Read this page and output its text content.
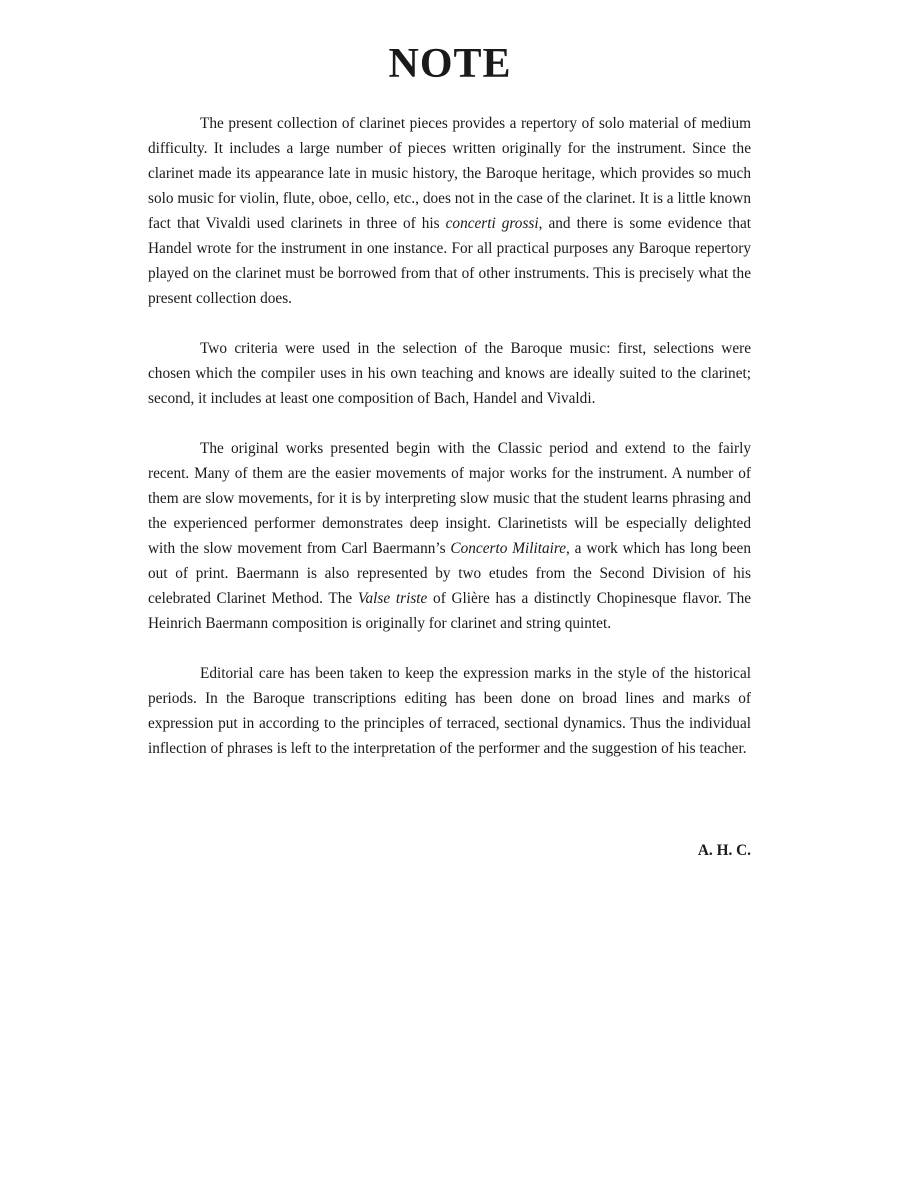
NOTE

The present collection of clarinet pieces provides a repertory of solo material of medium difficulty. It includes a large number of pieces written originally for the instrument. Since the clarinet made its appearance late in music history, the Baroque heritage, which provides so much solo music for violin, flute, oboe, cello, etc., does not in the case of the clarinet. It is a little known fact that Vivaldi used clarinets in three of his concerti grossi, and there is some evidence that Handel wrote for the instrument in one instance. For all practical purposes any Baroque repertory played on the clarinet must be borrowed from that of other instruments. This is precisely what the present collection does.

Two criteria were used in the selection of the Baroque music: first, selections were chosen which the compiler uses in his own teaching and knows are ideally suited to the clarinet; second, it includes at least one composition of Bach, Handel and Vivaldi.

The original works presented begin with the Classic period and extend to the fairly recent. Many of them are the easier movements of major works for the instrument. A number of them are slow movements, for it is by interpreting slow music that the student learns phrasing and the experienced performer demonstrates deep insight. Clarinetists will be especially delighted with the slow movement from Carl Baermann’s Concerto Militaire, a work which has long been out of print. Baermann is also represented by two etudes from the Second Division of his celebrated Clarinet Method. The Valse triste of Glière has a distinctly Chopinesque flavor. The Heinrich Baermann composition is originally for clarinet and string quintet.

Editorial care has been taken to keep the expression marks in the style of the historical periods. In the Baroque transcriptions editing has been done on broad lines and marks of expression put in according to the principles of terraced, sectional dynamics. Thus the individual inflection of phrases is left to the interpretation of the performer and the suggestion of his teacher.

A. H. C.
